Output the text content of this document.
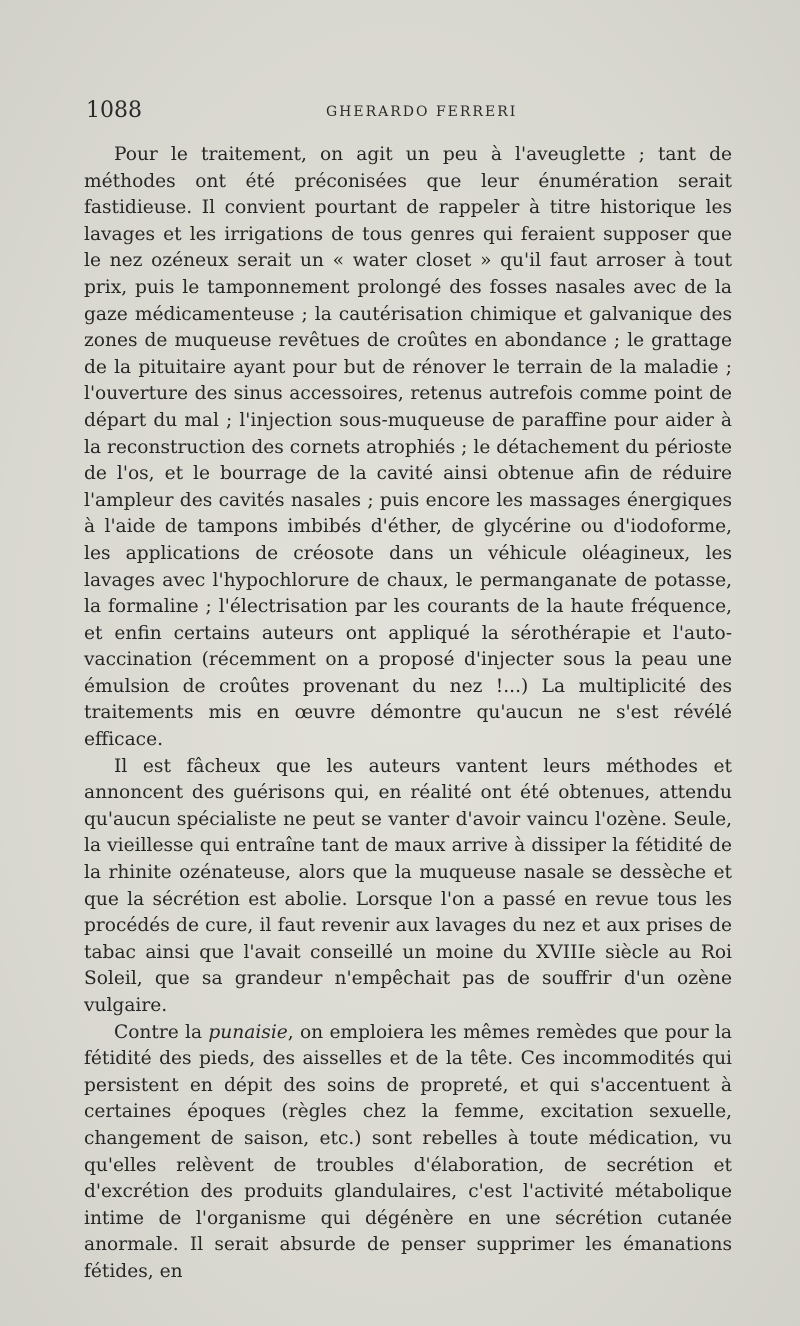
1088	GHERARDO FERRERI

Pour le traitement, on agit un peu à l'aveuglette ; tant de méthodes ont été préconisées que leur énumération serait fastidieuse. Il convient pourtant de rappeler à titre historique les lavages et les irrigations de tous genres qui feraient supposer que le nez ozéneux serait un « water closet » qu'il faut arroser à tout prix, puis le tamponnement prolongé des fosses nasales avec de la gaze médicamenteuse ; la cautérisation chimique et galvanique des zones de muqueuse revêtues de croûtes en abondance ; le grattage de la pituitaire ayant pour but de rénover le terrain de la maladie ; l'ouverture des sinus accessoires, retenus autrefois comme point de départ du mal ; l'injection sous-muqueuse de paraffine pour aider à la reconstruction des cornets atrophiés ; le détachement du périoste de l'os, et le bourrage de la cavité ainsi obtenue afin de réduire l'ampleur des cavités nasales ; puis encore les massages énergiques à l'aide de tampons imbibés d'éther, de glycérine ou d'iodoforme, les applications de créosote dans un véhicule oléagineux, les lavages avec l'hypochlorure de chaux, le permanganate de potasse, la formaline ; l'électrisation par les courants de la haute fréquence, et enfin certains auteurs ont appliqué la sérothérapie et l'auto-vaccination (récemment on a proposé d'injecter sous la peau une émulsion de croûtes provenant du nez !...) La multiplicité des traitements mis en œuvre démontre qu'aucun ne s'est révélé efficace.

Il est fâcheux que les auteurs vantent leurs méthodes et annoncent des guérisons qui, en réalité ont été obtenues, attendu qu'aucun spécialiste ne peut se vanter d'avoir vaincu l'ozène. Seule, la vieillesse qui entraîne tant de maux arrive à dissiper la fétidité de la rhinite ozénateuse, alors que la muqueuse nasale se dessèche et que la sécrétion est abolie. Lorsque l'on a passé en revue tous les procédés de cure, il faut revenir aux lavages du nez et aux prises de tabac ainsi que l'avait conseillé un moine du XVIIIe siècle au Roi Soleil, que sa grandeur n'empêchait pas de souffrir d'un ozène vulgaire.

Contre la punaisie, on emploiera les mêmes remèdes que pour la fétidité des pieds, des aisselles et de la tête. Ces incommodités qui persistent en dépit des soins de propreté, et qui s'accentuent à certaines époques (règles chez la femme, excitation sexuelle, changement de saison, etc.) sont rebelles à toute médication, vu qu'elles relèvent de troubles d'élaboration, de secrétion et d'excrétion des produits glandulaires, c'est l'activité métabolique intime de l'organisme qui dégénère en une sécrétion cutanée anormale. Il serait absurde de penser supprimer les émanations fétides, en
